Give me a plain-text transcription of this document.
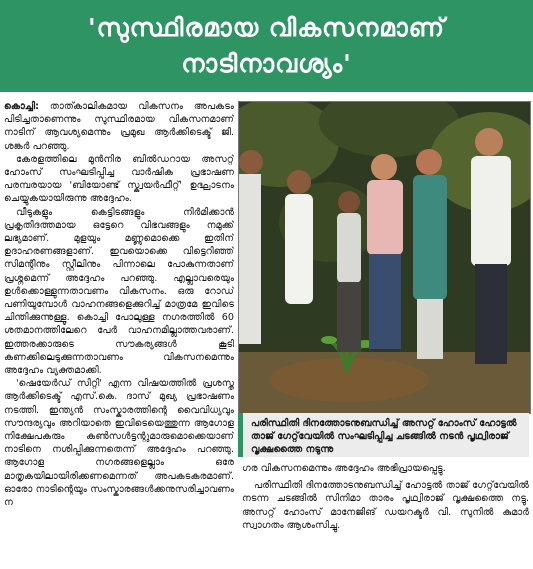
'സുസ്ഥിരമായ വികസനമാണ്
നാടിനാവശ്യം'

കൊച്ചി: താത്കാലികമായ വികസനം അപകടം പിടിച്ചതാണെന്നും സുസ്ഥിരമായ വികസനമാണ് നാടിന് ആവശ്യമെന്നും പ്രമുഖ ആർക്കിടെക്ട് ജി. ശങ്കർ പറഞ്ഞു.

കേരളത്തിലെ മുൻനിര ബിൽഡറായ അസറ്റ് ഹോംസ് സംഘടിപ്പിച്ച വാർഷിക പ്രഭാഷണ പരമ്പരയായ 'ബിയോണ്ട് സ്ക്വയർഫീറ്റ്' ഉദ്ഘാടനം ചെയ്യുകയായിരുന്നു അദ്ദേഹം.

വീടുകളും കെട്ടിടങ്ങളും നിർമിക്കാൻ പ്രകൃതിദത്തമായ ഒട്ടേറെ വിഭവങ്ങളും നമുക്ക് ലഭ്യമാണ്. മുളയും മണ്ണുമൊക്കെ ഇതിന് ഉദാഹരണങ്ങളാണ്. ഇവയൊക്കെ വിട്ടെറിഞ്ഞ് സിമന്റിനും സ്റ്റീലിനും പിന്നാലെ പോകുന്നതാണ് പ്രശ്നമെന്ന് അദ്ദേഹം പറഞ്ഞു. എല്ലാവരെയും ഉൾക്കൊള്ളുന്നതാവണം വികസനം. ഒരു റോഡ് പണിയുമ്പോൾ വാഹനങ്ങളെക്കുറിച്ച് മാത്രമേ ഇവിടെ ചിന്തിക്കുന്നുള്ളൂ. കൊച്ചി പോലുള്ള നഗരത്തിൽ 60 ശതമാനത്തിലേറെ പേർ വാഹനമില്ലാത്തവരാണ്. ഇത്തരക്കാരുടെ സൗകര്യങ്ങൾ കൂടി കണക്കിലെടുക്കുന്നതാവണം വികസനമെന്നും അദ്ദേഹം വ്യക്തമാക്കി.

'ഷെയേർഡ് സിറ്റി' എന്ന വിഷയത്തിൽ പ്രശസ്ത ആർക്കിടെക്ട് എസ്.കെ. ദാസ് മുഖ്യ പ്രഭാഷണം നടത്തി. ഇന്ത്യൻ സംസ്കാരത്തിന്റെ വൈവിധ്യവും സൗന്ദര്യവും അറിയാതെ ഇവിടെയെത്തുന്ന ആഗോള നിക്ഷേപകരും കൺസൾട്ടന്റുമാരുമൊക്കെയാണ് നാടിനെ നശിപ്പിക്കുന്നതെന്ന് അദ്ദേഹം പറഞ്ഞു. ആഗോള നഗരങ്ങളെല്ലാം ഒരേ മാതൃകയിലായിരിക്കണമെന്നത് അപകടകരമാണ്. ഓരോ നാടിന്റെയും സംസ്കാരങ്ങൾക്കനുസരിച്ചാവണം ന

പരിസ്ഥിതി ദിനത്തോടനുബന്ധിച്ച് അസറ്റ് ഹോംസ് ഹോട്ടൽ താജ് ഗേറ്റ്‌വേയിൽ സംഘടിപ്പിച്ച ചടങ്ങിൽ നടൻ പൃഥ്വിരാജ് വൃക്ഷത്തൈ നടുന്നു

ഗര വികസനമെന്നും അദ്ദേഹം അഭിപ്രായപ്പെട്ടു.

പരിസ്ഥിതി ദിനത്തോടനുബന്ധിച്ച് ഹോട്ടൽ താജ് ഗേറ്റ്‌വേയിൽ നടന്ന ചടങ്ങിൽ സിനിമാ താരം പൃഥ്വിരാജ് വൃക്ഷത്തൈ നട്ടു. അസറ്റ് ഹോംസ് മാനേജിങ് ഡയറക്ടർ വി. സുനിൽ കുമാർ സ്വാഗതം ആശംസിച്ചു.
